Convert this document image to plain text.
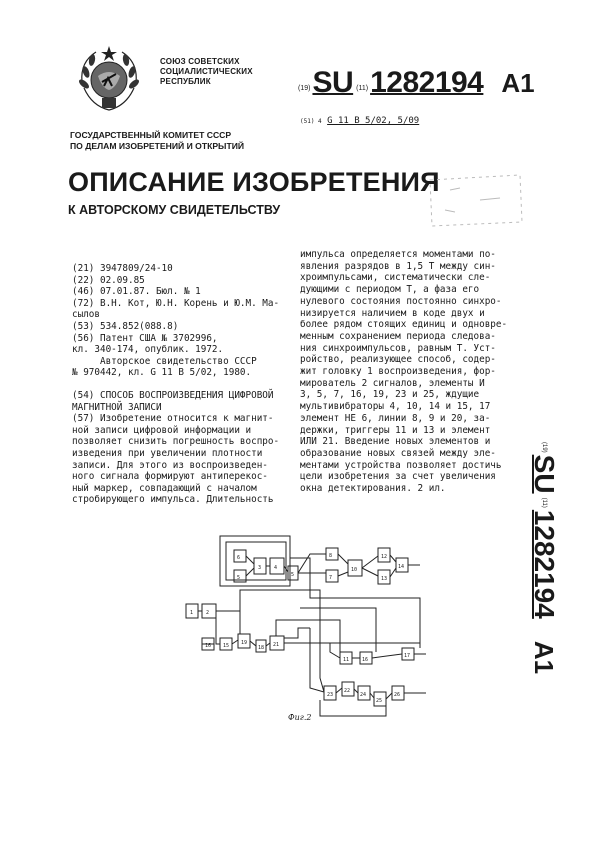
СОЮЗ СОВЕТСКИХ
СОЦИАЛИСТИЧЕСКИХ
РЕСПУБЛИК
(19) SU (11) 1282194 A1
(51) 4 G 11 B 5/02, 5/09
ГОСУДАРСТВЕННЫЙ КОМИТЕТ СССР
ПО ДЕЛАМ ИЗОБРЕТЕНИЙ И ОТКРЫТИЙ
ОПИСАНИЕ ИЗОБРЕТЕНИЯ
К АВТОРСКОМУ СВИДЕТЕЛЬСТВУ
(21) 3947809/24-10
(22) 02.09.85
(46) 07.01.87. Бюл. № 1
(72) В.Н. Кот, Ю.Н. Корень и Ю.М. Ма-
сылов
(53) 534.852(088.8)
(56) Патент США № 3702996,
кл. 340-174, опублик. 1972.
Авторское свидетельство СССР
№ 970442, кл. G 11 B 5/02, 1980.
(54) СПОСОБ ВОСПРОИЗВЕДЕНИЯ ЦИФРОВОЙ
МАГНИТНОЙ ЗАПИСИ
(57) Изобретение относится к магнит-
ной записи цифровой информации и
позволяет снизить погрешность воспро-
изведения при увеличении плотности
записи. Для этого из воспроизведен-
ного сигнала формируют антиперекос-
ный маркер, совпадающий с началом
стробирующего импульса. Длительность
импульса определяется моментами по-
явления разрядов в 1,5 Т между син-
хроимпульсами, систематически сле-
дующими с периодом Т, а фаза его
нулевого состояния постоянно синхро-
низируется наличием в коде двух и
более рядом стоящих единиц и одновре-
менным сохранением периода следова-
ния синхроимпульсов, равным Т. Уст-
ройство, реализующее способ, содер-
жит головку 1 воспроизведения, фор-
мирователь 2 сигналов, элементы И
3, 5, 7, 16, 19, 23 и 25, ждущие
мультивибраторы 4, 10, 14 и 15, 17
элемент НЕ 6, линии 8, 9 и 20, за-
держки, триггеры 11 и 13 и элемент
ИЛИ 21. Введение новых элементов и
образование новых связей между эле-
ментами устройства позволяет достичь
цели изобретения за счет увеличения
окна детектирования. 2 ил.
(19)
SU
(11)
1282194
A1
6
5
3	4
5
8
7
10
12
13
14
1	2
16 15 19
18 21
11	16
17
23
22
24
25
26
Фиг.2
